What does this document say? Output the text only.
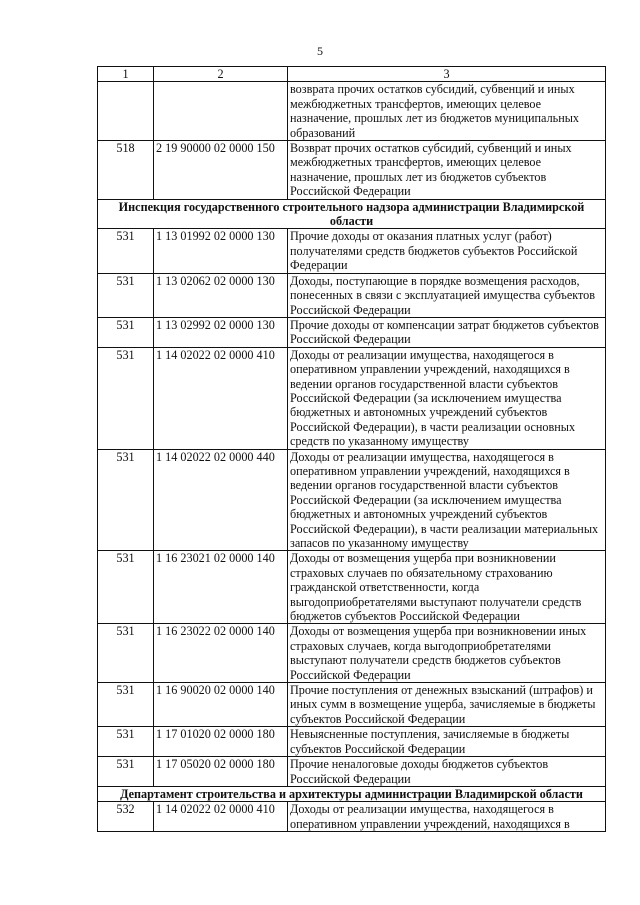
5
1	2	3
		возврата прочих остатков субсидий, субвенций и иных межбюджетных трансфертов, имеющих целевое назначение, прошлых лет из бюджетов муниципальных образований
518	2 19 90000 02 0000 150	Возврат прочих остатков субсидий, субвенций и иных межбюджетных трансфертов, имеющих целевое назначение, прошлых лет из бюджетов субъектов Российской Федерации
Инспекция государственного строительного надзора администрации Владимирской области		
531	1 13 01992 02 0000 130	Прочие доходы от оказания платных услуг (работ) получателями средств бюджетов субъектов Российской Федерации
531	1 13 02062 02 0000 130	Доходы, поступающие в порядке возмещения расходов, понесенных в связи с эксплуатацией имущества субъектов Российской Федерации
531	1 13 02992 02 0000 130	Прочие доходы от компенсации затрат бюджетов субъектов Российской Федерации
531	1 14 02022 02 0000 410	Доходы от реализации имущества, находящегося в оперативном управлении учреждений, находящихся в ведении органов государственной власти субъектов Российской Федерации (за исключением имущества бюджетных и автономных учреждений субъектов Российской Федерации), в части реализации основных средств по указанному имуществу
531	1 14 02022 02 0000 440	Доходы от реализации имущества, находящегося в оперативном управлении учреждений, находящихся в ведении органов государственной власти субъектов Российской Федерации (за исключением имущества бюджетных и автономных учреждений субъектов Российской Федерации), в части реализации материальных запасов по указанному имуществу
531	1 16 23021 02 0000 140	Доходы от возмещения ущерба при возникновении страховых случаев по обязательному страхованию гражданской ответственности, когда выгодоприобретателями выступают получатели средств бюджетов субъектов Российской Федерации
531	1 16 23022 02 0000 140	Доходы от возмещения ущерба при возникновении иных страховых случаев, когда выгодоприобретателями выступают получатели средств бюджетов субъектов Российской Федерации
531	1 16 90020 02 0000 140	Прочие поступления от денежных взысканий (штрафов) и иных сумм в возмещение ущерба, зачисляемые в бюджеты субъектов Российской Федерации
531	1 17 01020 02 0000 180	Невыясненные поступления, зачисляемые в бюджеты субъектов Российской Федерации
531	1 17 05020 02 0000 180	Прочие неналоговые доходы бюджетов субъектов Российской Федерации
Департамент строительства и архитектуры администрации Владимирской области		
532	1 14 02022 02 0000 410	Доходы от реализации имущества, находящегося в оперативном управлении учреждений, находящихся в
